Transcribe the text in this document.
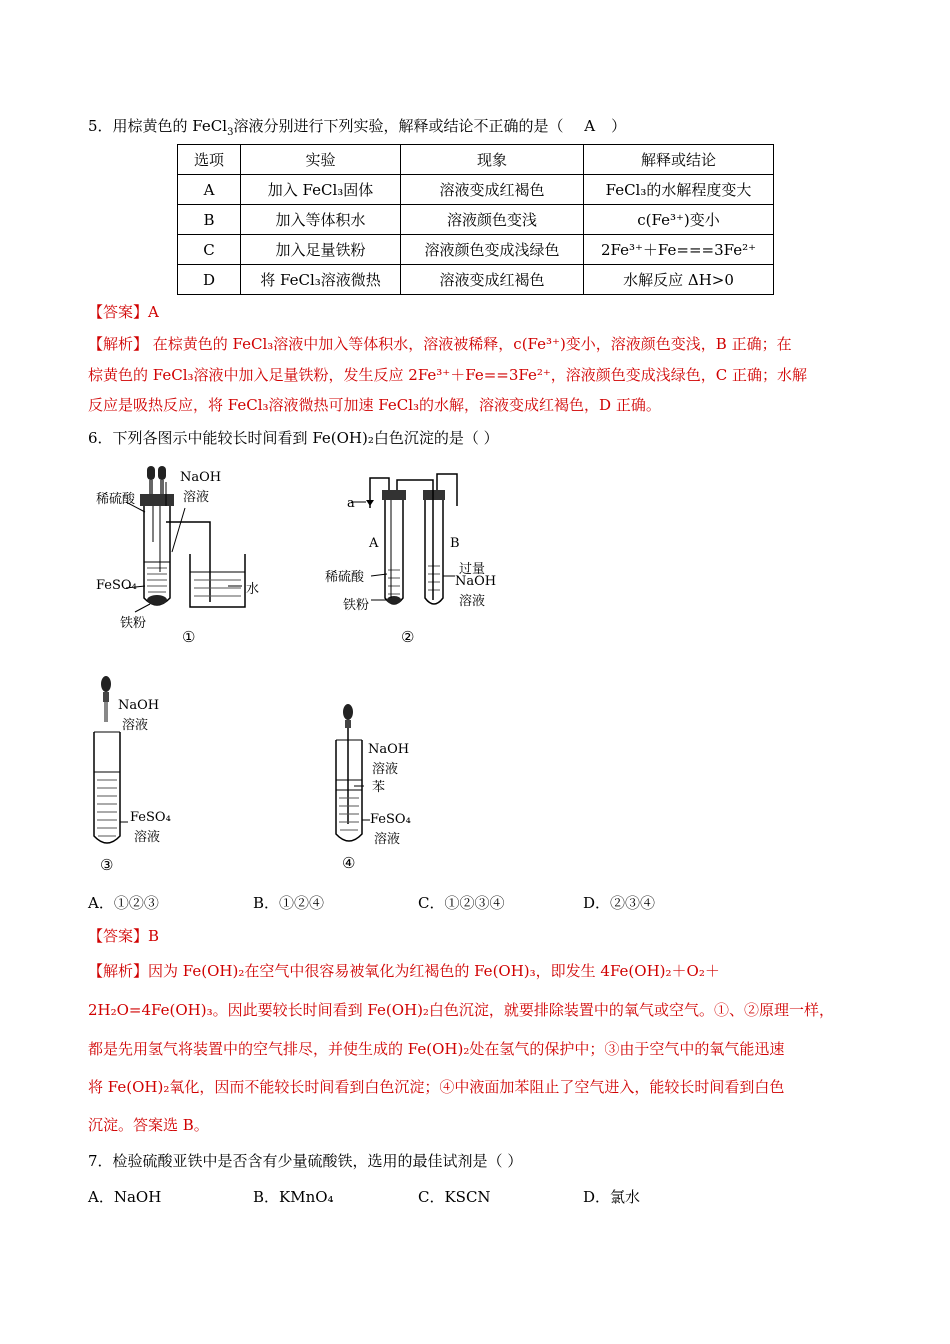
5．用棕黄色的 FeCl$_3$溶液分别进行下列实验，解释或结论不正确的是（ A ）
选项	实验	现象	解释或结论
A	加入 FeCl₃固体	溶液变成红褐色	FeCl₃的水解程度变大
B	加入等体积水	溶液颜色变浅	c(Fe³⁺)变小
C	加入足量铁粉	溶液颜色变成浅绿色	2Fe³⁺＋Fe===3Fe²⁺
D	将 FeCl₃溶液微热	溶液变成红褐色	水解反应 ΔH>0
【答案】A
【解析】 在棕黄色的 FeCl₃溶液中加入等体积水，溶液被稀释，c(Fe³⁺)变小，溶液颜色变浅，B 正确；在
棕黄色的 FeCl₃溶液中加入足量铁粉，发生反应 2Fe³⁺＋Fe==3Fe²⁺，溶液颜色变成浅绿色，C 正确；水解
反应是吸热反应，将 FeCl₃溶液微热可加速 FeCl₃的水解，溶液变成红褐色，D 正确。
6．下列各图示中能较长时间看到 Fe(OH)₂白色沉淀的是（ ）
稀硫酸
NaOH
溶液
FeSO₄
铁粉
水
①
a
A	B
稀硫酸
铁粉
过量
NaOH
溶液
②
NaOH
溶液
FeSO₄
溶液
③
NaOH
溶液
苯
FeSO₄
溶液
④
A．①②③	B．①②④	C．①②③④	D．②③④
【答案】B
【解析】因为 Fe(OH)₂在空气中很容易被氧化为红褐色的 Fe(OH)₃，即发生 4Fe(OH)₂＋O₂＋
2H₂O=4Fe(OH)₃。因此要较长时间看到 Fe(OH)₂白色沉淀，就要排除装置中的氧气或空气。①、②原理一样，
都是先用氢气将装置中的空气排尽，并使生成的 Fe(OH)₂处在氢气的保护中；③由于空气中的氧气能迅速
将 Fe(OH)₂氧化，因而不能较长时间看到白色沉淀；④中液面加苯阻止了空气进入，能较长时间看到白色
沉淀。答案选 B。
7．检验硫酸亚铁中是否含有少量硫酸铁，选用的最佳试剂是（ ）
A．NaOH	B．KMnO₄	C．KSCN	D．氯水
